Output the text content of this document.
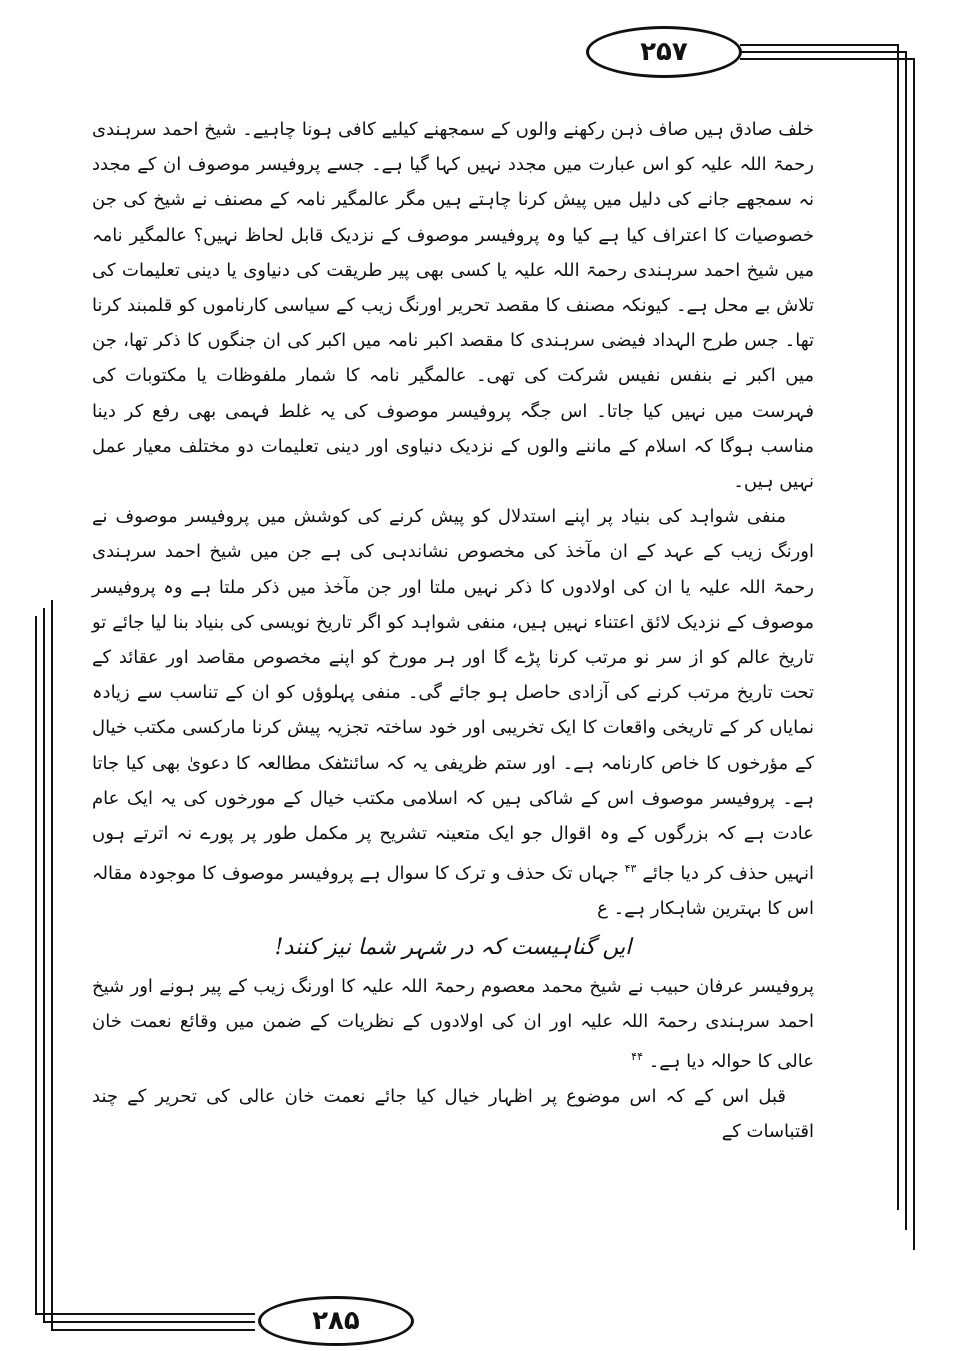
۲۵۷
۲۸۵

خلف صادق ہیں صاف ذہن رکھنے والوں کے سمجھنے کیلیے کافی ہونا چاہیے۔ شیخ احمد سرہندی رحمۃ اللہ علیہ کو اس عبارت میں مجدد نہیں کہا گیا ہے۔ جسے پروفیسر موصوف ان کے مجدد نہ سمجھے جانے کی دلیل میں پیش کرنا چاہتے ہیں مگر عالمگیر نامہ کے مصنف نے شیخ کی جن خصوصیات کا اعتراف کیا ہے کیا وہ پروفیسر موصوف کے نزدیک قابل لحاظ نہیں؟ عالمگیر نامہ میں شیخ احمد سرہندی رحمۃ اللہ علیہ یا کسی بھی پیر طریقت کی دنیاوی یا دینی تعلیمات کی تلاش بے محل ہے۔ کیونکہ مصنف کا مقصد تحریر اورنگ زیب کے سیاسی کارناموں کو قلمبند کرنا تھا۔ جس طرح الہداد فیضی سرہندی کا مقصد اکبر نامہ میں اکبر کی ان جنگوں کا ذکر تھا، جن میں اکبر نے بنفس نفیس شرکت کی تھی۔ عالمگیر نامہ کا شمار ملفوظات یا مکتوبات کی فہرست میں نہیں کیا جاتا۔ اس جگہ پروفیسر موصوف کی یہ غلط فہمی بھی رفع کر دینا مناسب ہوگا کہ اسلام کے ماننے والوں کے نزدیک دنیاوی اور دینی تعلیمات دو مختلف معیار عمل نہیں ہیں۔

منفی شواہد کی بنیاد پر اپنے استدلال کو پیش کرنے کی کوشش میں پروفیسر موصوف نے اورنگ زیب کے عہد کے ان مآخذ کی مخصوص نشاندہی کی ہے جن میں شیخ احمد سرہندی رحمۃ اللہ علیہ یا ان کی اولادوں کا ذکر نہیں ملتا اور جن مآخذ میں ذکر ملتا ہے وہ پروفیسر موصوف کے نزدیک لائق اعتناء نہیں ہیں، منفی شواہد کو اگر تاریخ نویسی کی بنیاد بنا لیا جائے تو تاریخ عالم کو از سر نو مرتب کرنا پڑے گا اور ہر مورخ کو اپنے مخصوص مقاصد اور عقائد کے تحت تاریخ مرتب کرنے کی آزادی حاصل ہو جائے گی۔ منفی پہلوؤں کو ان کے تناسب سے زیادہ نمایاں کر کے تاریخی واقعات کا ایک تخریبی اور خود ساختہ تجزیہ پیش کرنا مارکسی مکتب خیال کے مؤرخوں کا خاص کارنامہ ہے۔ اور ستم ظریفی یہ کہ سائنٹفک مطالعہ کا دعویٰ بھی کیا جاتا ہے۔ پروفیسر موصوف اس کے شاکی ہیں کہ اسلامی مکتب خیال کے مورخوں کی یہ ایک عام عادت ہے کہ بزرگوں کے وہ اقوال جو ایک متعینہ تشریح پر مکمل طور پر پورے نہ اترتے ہوں انہیں حذف کر دیا جائے $^{۴۳}$ جہاں تک حذف و ترک کا سوال ہے پروفیسر موصوف کا موجودہ مقالہ اس کا بہترین شاہکار ہے۔ ع

ایں گناہیست کہ در شہر شما نیز کنند!

پروفیسر عرفان حبیب نے شیخ محمد معصوم رحمۃ اللہ علیہ کا اورنگ زیب کے پیر ہونے اور شیخ احمد سرہندی رحمۃ اللہ علیہ اور ان کی اولادوں کے نظریات کے ضمن میں وقائع نعمت خان عالی کا حوالہ دیا ہے۔ $^{۴۴}$

قبل اس کے کہ اس موضوع پر اظہار خیال کیا جائے نعمت خان عالی کی تحریر کے چند اقتباسات کے
